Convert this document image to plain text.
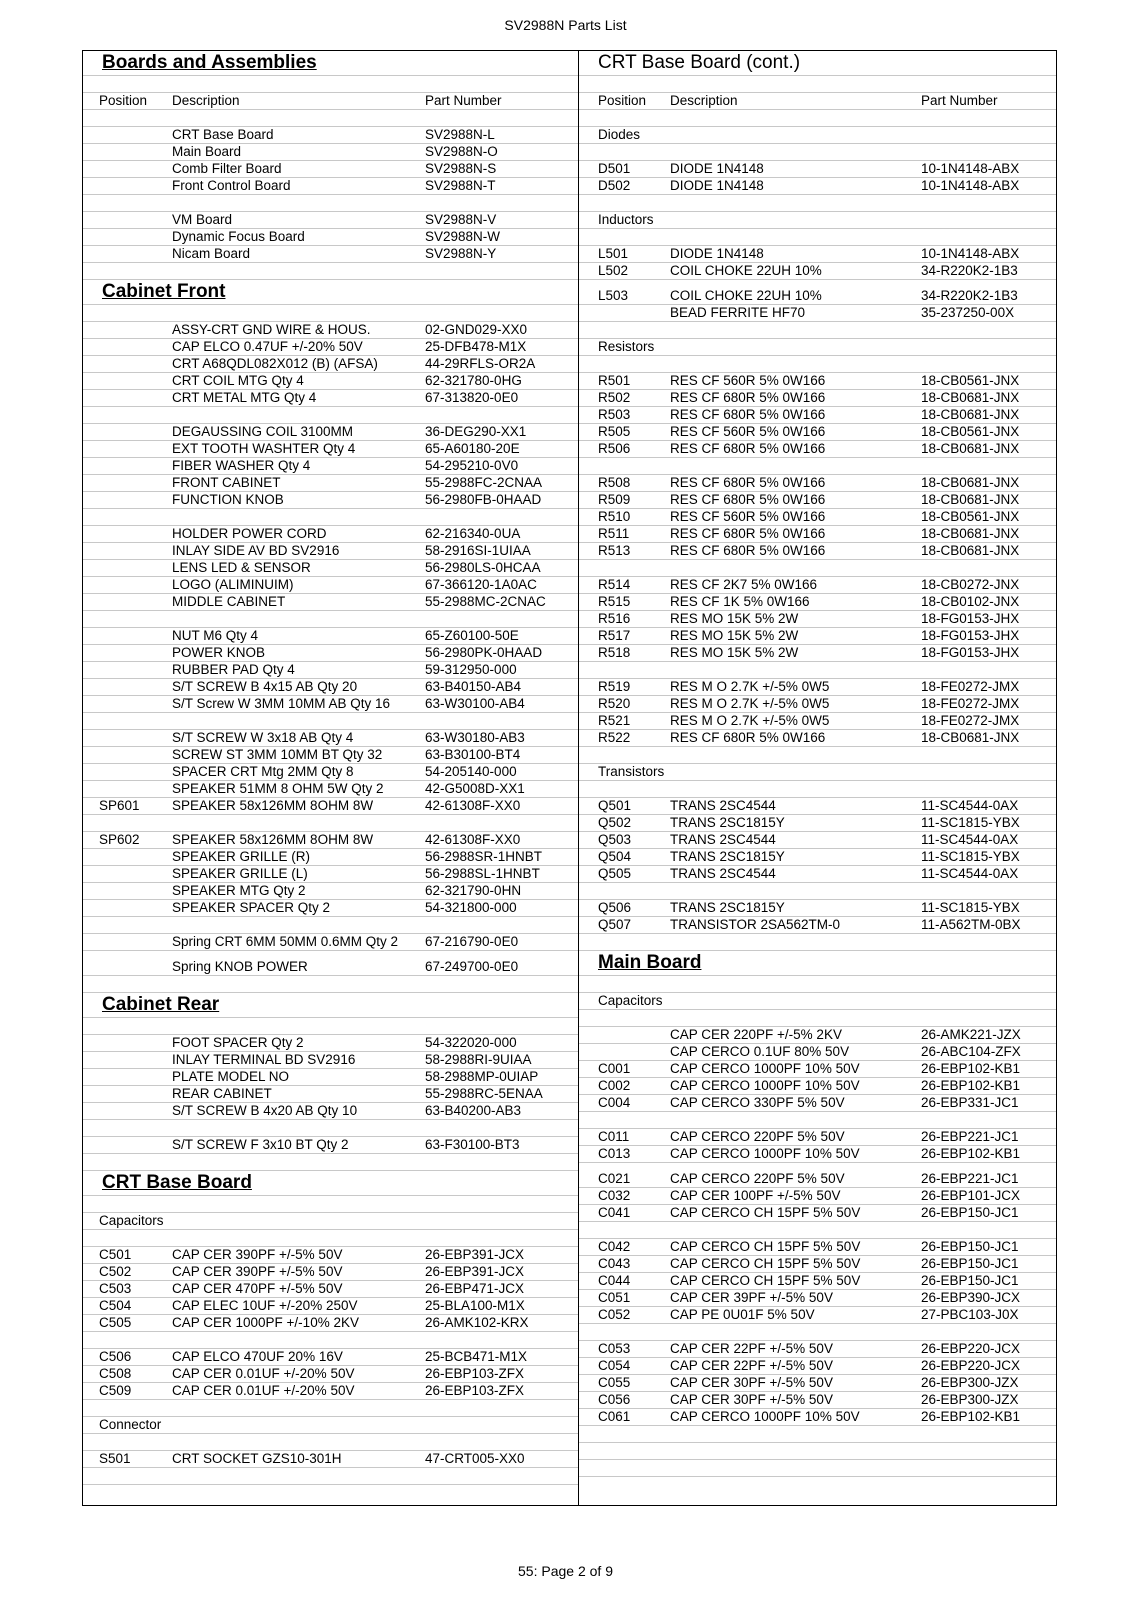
SV2988N Parts List
Boards and Assemblies
Position Description	Part Number
CRT Base Board	SV2988N-L
Main Board	SV2988N-O
Comb Filter Board	SV2988N-S
Front Control Board	SV2988N-T
VM Board	SV2988N-V
Dynamic Focus Board	SV2988N-W
Nicam Board	SV2988N-Y
Cabinet Front
ASSY-CRT GND WIRE & HOUS.	02-GND029-XX0
CAP ELCO 0.47UF +/-20% 50V	25-DFB478-M1X
CRT A68QDL082X012 (B) (AFSA)	44-29RFLS-OR2A
CRT COIL MTG Qty 4	62-321780-0HG
CRT METAL MTG Qty 4	67-313820-0E0
DEGAUSSING COIL 3100MM	36-DEG290-XX1
EXT TOOTH WASHTER Qty 4	65-A60180-20E
FIBER WASHER Qty 4	54-295210-0V0
FRONT CABINET	55-2988FC-2CNAA
FUNCTION KNOB	56-2980FB-0HAAD
HOLDER POWER CORD	62-216340-0UA
INLAY SIDE AV BD SV2916	58-2916SI-1UIAA
LENS LED & SENSOR	56-2980LS-0HCAA
LOGO (ALIMINUIM)	67-366120-1A0AC
MIDDLE CABINET	55-2988MC-2CNAC
NUT M6 Qty 4	65-Z60100-50E
POWER KNOB	56-2980PK-0HAAD
RUBBER PAD Qty 4	59-312950-000
S/T SCREW B 4x15 AB Qty 20	63-B40150-AB4
S/T Screw W 3MM 10MM AB Qty 16	63-W30100-AB4
S/T SCREW W 3x18 AB Qty 4	63-W30180-AB3
SCREW ST 3MM 10MM BT Qty 32	63-B30100-BT4
SPACER CRT Mtg 2MM Qty 8	54-205140-000
SPEAKER 51MM 8 OHM 5W Qty 2	42-G5008D-XX1
SP601 SPEAKER 58x126MM 8OHM 8W	42-61308F-XX0
SP602 SPEAKER 58x126MM 8OHM 8W	42-61308F-XX0
SPEAKER GRILLE (R)	56-2988SR-1HNBT
SPEAKER GRILLE (L)	56-2988SL-1HNBT
SPEAKER MTG Qty 2	62-321790-0HN
SPEAKER SPACER Qty 2	54-321800-000
Spring CRT 6MM 50MM 0.6MM Qty 2 67-216790-0E0
Spring KNOB POWER	67-249700-0E0
Cabinet Rear
FOOT SPACER Qty 2	54-322020-000
INLAY TERMINAL BD SV2916	58-2988RI-9UIAA
PLATE MODEL NO	58-2988MP-0UIAP
REAR CABINET	55-2988RC-5ENAA
S/T SCREW B 4x20 AB Qty 10	63-B40200-AB3
S/T SCREW F 3x10 BT Qty 2	63-F30100-BT3
CRT Base Board
Capacitors
C501	CAP CER 390PF +/-5% 50V	26-EBP391-JCX
C502	CAP CER 390PF +/-5% 50V	26-EBP391-JCX
C503	CAP CER 470PF +/-5% 50V	26-EBP471-JCX
C504	CAP ELEC 10UF +/-20% 250V	25-BLA100-M1X
C505	CAP CER 1000PF +/-10% 2KV	26-AMK102-KRX
C506	CAP ELCO 470UF 20% 16V	25-BCB471-M1X
C508	CAP CER 0.01UF +/-20% 50V	26-EBP103-ZFX
C509	CAP CER 0.01UF +/-20% 50V	26-EBP103-ZFX
Connector
S501	CRT SOCKET GZS10-301H	47-CRT005-XX0
CRT Base Board (cont.)
Position Description	Part Number
Diodes
D501	DIODE 1N4148	10-1N4148-ABX
D502	DIODE 1N4148	10-1N4148-ABX
Inductors
L501	DIODE 1N4148	10-1N4148-ABX
L502	COIL CHOKE 22UH 10%	34-R220K2-1B3
L503	COIL CHOKE 22UH 10%	34-R220K2-1B3
BEAD FERRITE HF70	35-237250-00X
Resistors
R501	RES CF 560R 5% 0W166	18-CB0561-JNX
R502	RES CF 680R 5% 0W166	18-CB0681-JNX
R503	RES CF 680R 5% 0W166	18-CB0681-JNX
R505	RES CF 560R 5% 0W166	18-CB0561-JNX
R506	RES CF 680R 5% 0W166	18-CB0681-JNX
R508	RES CF 680R 5% 0W166	18-CB0681-JNX
R509	RES CF 680R 5% 0W166	18-CB0681-JNX
R510	RES CF 560R 5% 0W166	18-CB0561-JNX
R511	RES CF 680R 5% 0W166	18-CB0681-JNX
R513	RES CF 680R 5% 0W166	18-CB0681-JNX
R514	RES CF 2K7 5% 0W166	18-CB0272-JNX
R515	RES CF 1K 5% 0W166	18-CB0102-JNX
R516	RES MO 15K 5% 2W	18-FG0153-JHX
R517	RES MO 15K 5% 2W	18-FG0153-JHX
R518	RES MO 15K 5% 2W	18-FG0153-JHX
R519	RES M O 2.7K +/-5% 0W5	18-FE0272-JMX
R520	RES M O 2.7K +/-5% 0W5	18-FE0272-JMX
R521	RES M O 2.7K +/-5% 0W5	18-FE0272-JMX
R522	RES CF 680R 5% 0W166	18-CB0681-JNX
Transistors
Q501	TRANS 2SC4544	11-SC4544-0AX
Q502	TRANS 2SC1815Y	11-SC1815-YBX
Q503	TRANS 2SC4544	11-SC4544-0AX
Q504	TRANS 2SC1815Y	11-SC1815-YBX
Q505	TRANS 2SC4544	11-SC4544-0AX
Q506	TRANS 2SC1815Y	11-SC1815-YBX
Q507	TRANSISTOR 2SA562TM-0	11-A562TM-0BX
Main Board
Capacitors
CAP CER 220PF +/-5% 2KV	26-AMK221-JZX
CAP CERCO 0.1UF 80% 50V	26-ABC104-ZFX
C001	CAP CERCO 1000PF 10% 50V	26-EBP102-KB1
C002	CAP CERCO 1000PF 10% 50V	26-EBP102-KB1
C004	CAP CERCO 330PF 5% 50V	26-EBP331-JC1
C011	CAP CERCO 220PF 5% 50V	26-EBP221-JC1
C013	CAP CERCO 1000PF 10% 50V	26-EBP102-KB1
C021	CAP CERCO 220PF 5% 50V	26-EBP221-JC1
C032	CAP CER 100PF +/-5% 50V	26-EBP101-JCX
C041	CAP CERCO CH 15PF 5% 50V	26-EBP150-JC1
C042	CAP CERCO CH 15PF 5% 50V	26-EBP150-JC1
C043	CAP CERCO CH 15PF 5% 50V	26-EBP150-JC1
C044	CAP CERCO CH 15PF 5% 50V	26-EBP150-JC1
C051	CAP CER 39PF +/-5% 50V	26-EBP390-JCX
C052	CAP PE 0U01F 5% 50V	27-PBC103-J0X
C053	CAP CER 22PF +/-5% 50V	26-EBP220-JCX
C054	CAP CER 22PF +/-5% 50V	26-EBP220-JCX
C055	CAP CER 30PF +/-5% 50V	26-EBP300-JZX
C056	CAP CER 30PF +/-5% 50V	26-EBP300-JZX
C061	CAP CERCO 1000PF 10% 50V	26-EBP102-KB1
55: Page 2 of 9
